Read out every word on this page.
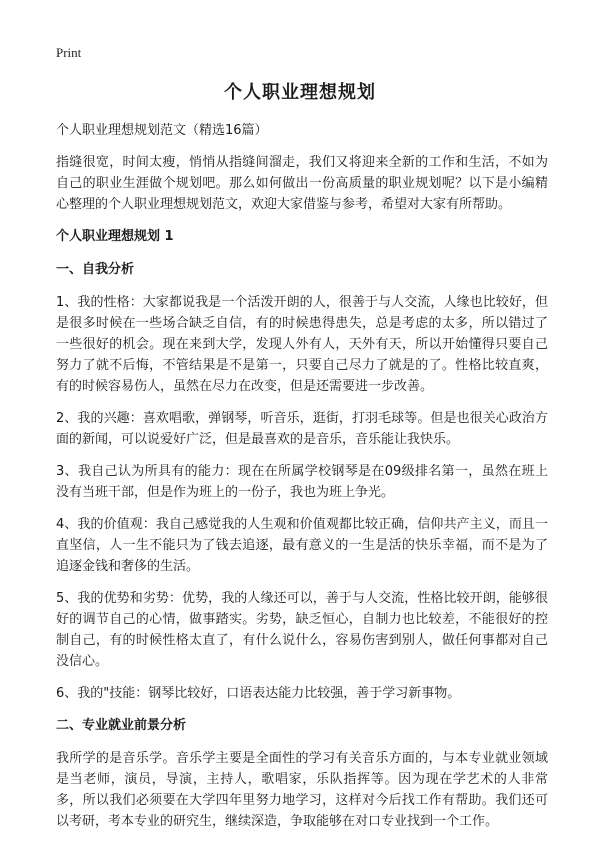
Print
个人职业理想规划

个人职业理想规划范文（精选16篇）

指缝很宽，时间太瘦，悄悄从指缝间溜走，我们又将迎来全新的工作和生活，不如为自己的职业生涯做个规划吧。那么如何做出一份高质量的职业规划呢？以下是小编精心整理的个人职业理想规划范文，欢迎大家借鉴与参考，希望对大家有所帮助。

个人职业理想规划 1

一、自我分析

1、我的性格：大家都说我是一个活泼开朗的人，很善于与人交流，人缘也比较好，但是很多时候在一些场合缺乏自信，有的时候患得患失，总是考虑的太多，所以错过了一些很好的机会。现在来到大学，发现人外有人，天外有天，所以开始懂得只要自己努力了就不后悔，不管结果是不是第一，只要自己尽力了就是的了。性格比较直爽，有的时候容易伤人，虽然在尽力在改变，但是还需要进一步改善。

2、我的兴趣：喜欢唱歌，弹钢琴，听音乐，逛街，打羽毛球等。但是也很关心政治方面的新闻，可以说爱好广泛，但是最喜欢的是音乐，音乐能让我快乐。

3、我自己认为所具有的能力：现在在所属学校钢琴是在09级排名第一，虽然在班上没有当班干部，但是作为班上的一份子，我也为班上争光。

4、我的价值观：我自己感觉我的人生观和价值观都比较正确，信仰共产主义，而且一直坚信，人一生不能只为了钱去追逐，最有意义的一生是活的快乐幸福，而不是为了追逐金钱和奢侈的生活。

5、我的优势和劣势：优势，我的人缘还可以，善于与人交流，性格比较开朗，能够很好的调节自己的心情，做事踏实。劣势，缺乏恒心，自制力也比较差，不能很好的控制自己，有的时候性格太直了，有什么说什么，容易伤害到别人，做任何事都对自己没信心。

6、我的"技能：钢琴比较好，口语表达能力比较强，善于学习新事物。

二、专业就业前景分析

我所学的是音乐学。音乐学主要是全面性的学习有关音乐方面的，与本专业就业领域是当老师，演员，导演，主持人，歌唱家，乐队指挥等。因为现在学艺术的人非常多，所以我们必须要在大学四年里努力地学习，这样对今后找工作有帮助。我们还可以考研，考本专业的研究生，继续深造，争取能够在对口专业找到一个工作。
